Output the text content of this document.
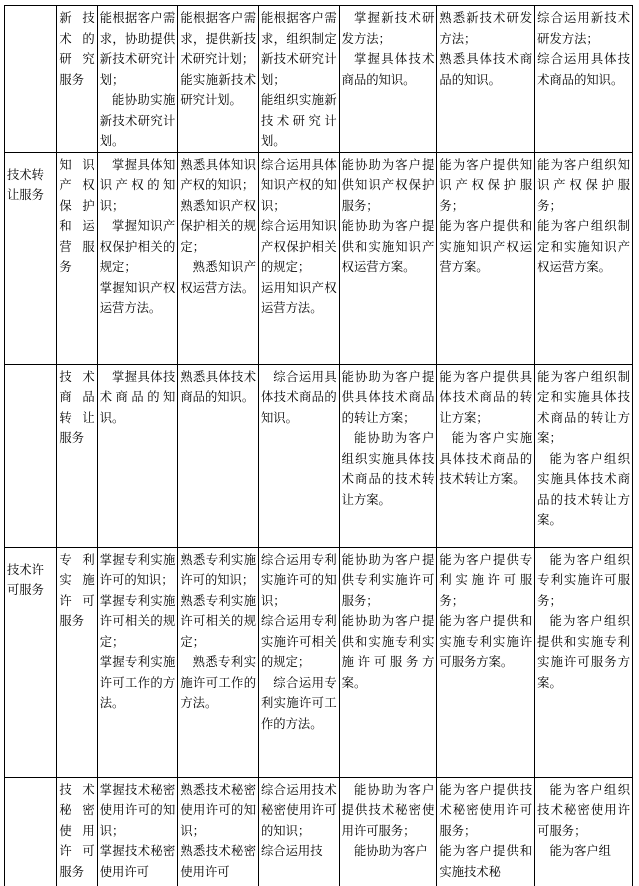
	新技术的研究服务	能根据客户需求，协助提供新技术研究计划；
能协助实施新技术研究计划。	能根据客户需求，提供新技术研究计划；
能实施新技术研究计划。	能根据客户需求，组织制定新技术研究计划；
能组织实施新技术研究计划。	掌握新技术研发方法；
掌握具体技术商品的知识。	熟悉新技术研发方法；
熟悉具体技术商品的知识。	综合运用新技术研发方法；
综合运用具体技术商品的知识。

技术转让服务	知识产权保护和运营服务	掌握具体知识产权的知识；
掌握知识产权保护相关的规定；
掌握知识产权运营方法。	熟悉具体知识产权的知识；
熟悉知识产权保护相关的规定；
熟悉知识产权运营方法。	综合运用具体知识产权的知识；
综合运用知识产权保护相关的规定；
运用知识产权运营方法。	能协助为客户提供知识产权保护服务；
能协助为客户提供和实施知识产权运营方案。	能为客户提供知识产权保护服务；
能为客户提供和实施知识产权运营方案。	能为客户组织知识产权保护服务；
能为客户组织制定和实施知识产权运营方案。

	技术商品转让服务	掌握具体技术商品的知识。	熟悉具体技术商品的知识。	综合运用具体技术商品的知识。	能协助为客户提供具体技术商品的转让方案；
能协助为客户组织实施具体技术商品的技术转让方案。	能为客户提供具体技术商品的转让方案；
能为客户实施具体技术商品的技术转让方案。	能为客户组织制定和实施具体技术商品的转让方案；
能为客户组织实施具体技术商品的技术转让方案。

技术许可服务	专利实施许可服务	掌握专利实施许可的知识；
掌握专利实施许可相关的规定；
掌握专利实施许可工作的方法。	熟悉专利实施许可的知识；
熟悉专利实施许可相关的规定；
熟悉专利实施许可工作的方法。	综合运用专利实施许可的知识；
综合运用专利实施许可相关的规定；
综合运用专利实施许可工作的方法。	能协助为客户提供专利实施许可服务；
能协助为客户提供和实施专利实施许可服务方案。	能为客户提供专利实施许可服务；
能为客户提供和实施专利实施许可服务方案。	能为客户组织专利实施许可服务；
能为客户组织提供和实施专利实施许可服务方案。

	技术秘密使用许可服务	掌握技术秘密使用许可的知识；
掌握技术秘密使用许可	熟悉技术秘密使用许可的知识；
熟悉技术秘密使用许可	综合运用技术秘密使用许可的知识；
综合运用技	能协助为客户提供技术秘密使用许可服务；
能协助为客户	能为客户提供技术秘密使用许可服务；
能为客户提供和实施技术秘	能为客户组织技术秘密使用许可服务；
能为客户组
